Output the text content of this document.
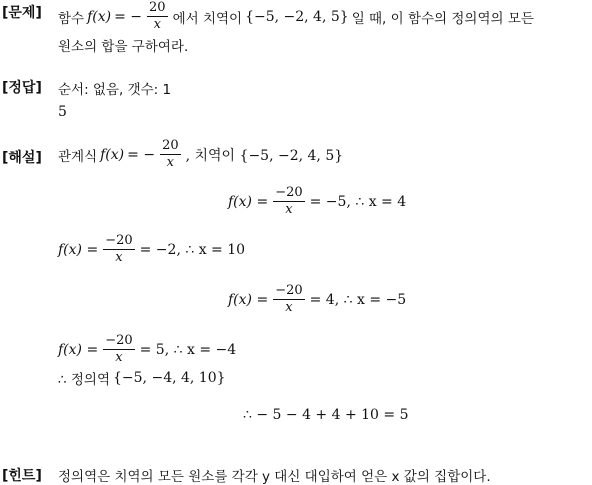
[문제] 함수 f(x) = − $\frac{20}{x}$ 에서 치역이 {−5, −2, 4, 5} 일 때, 이 함수의 정의역의 모든
원소의 합을 구하여라.
[정답] 순서: 없음, 갯수: 1
5
[해설] 관계식 f(x) = − $\frac{20}{x}$ , 치역이 {−5, −2, 4, 5}
$f(x) = \frac{-20}{x} = -5$, ∴ x = 4
$f(x) = \frac{-20}{x} = -2$, ∴ x = 10
$f(x) = \frac{-20}{x} = 4$, ∴ x = −5
$f(x) = \frac{-20}{x} = 5$, ∴ x = −4
∴ 정의역 {−5, −4, 4, 10}
∴ − 5 − 4 + 4 + 10 = 5
[힌트] 정의역은 치역의 모든 원소를 각각 y 대신 대입하여 얻은 x 값의 집합이다.
